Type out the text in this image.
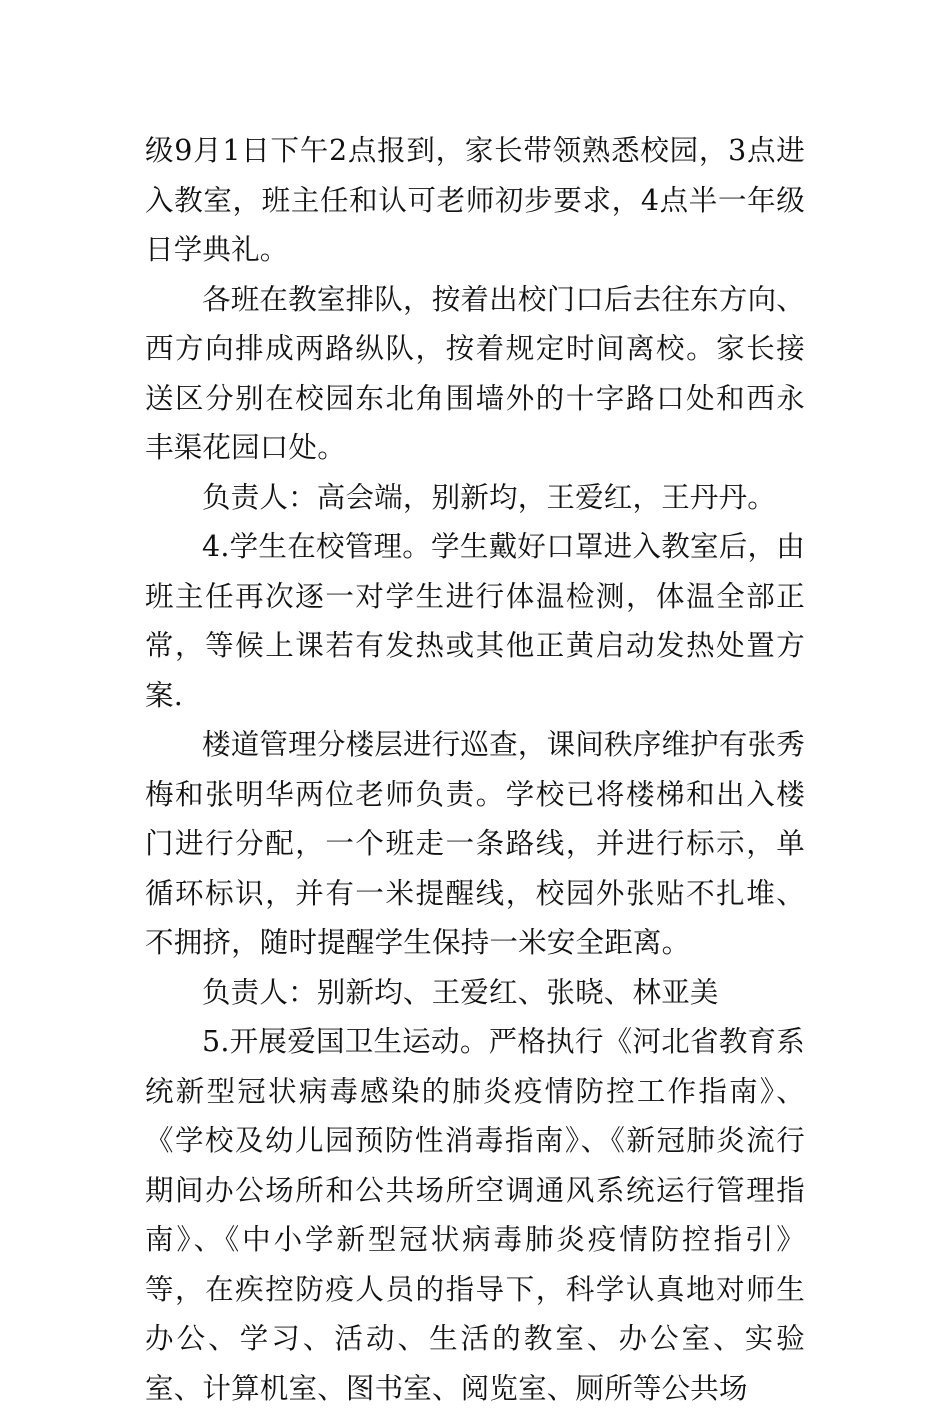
级9月1日下午2点报到，家长带领熟悉校园，3点进入教室，班主任和认可老师初步要求，4点半一年级日学典礼。

各班在教室排队，按着出校门口后去往东方向、西方向排成两路纵队，按着规定时间离校。家长接送区分别在校园东北角围墙外的十字路口处和西永丰渠花园口处。

负责人：高会端，别新均，王爱红，王丹丹。

4.学生在校管理。学生戴好口罩进入教室后，由班主任再次逐一对学生进行体温检测，体温全部正常，等候上课若有发热或其他正黄启动发热处置方案.

楼道管理分楼层进行巡查，课间秩序维护有张秀梅和张明华两位老师负责。学校已将楼梯和出入楼门进行分配，一个班走一条路线，并进行标示，单循环标识，并有一米提醒线，校园外张贴不扎堆、不拥挤，随时提醒学生保持一米安全距离。

负责人：别新均、王爱红、张晓、林亚美

5.开展爱国卫生运动。严格执行《河北省教育系统新型冠状病毒感染的肺炎疫情防控工作指南》、《学校及幼儿园预防性消毒指南》、《新冠肺炎流行期间办公场所和公共场所空调通风系统运行管理指南》、《中小学新型冠状病毒肺炎疫情防控指引》等，在疾控防疫人员的指导下，科学认真地对师生办公、学习、活动、生活的教室、办公室、实验室、计算机室、图书室、阅览室、厕所等公共场
